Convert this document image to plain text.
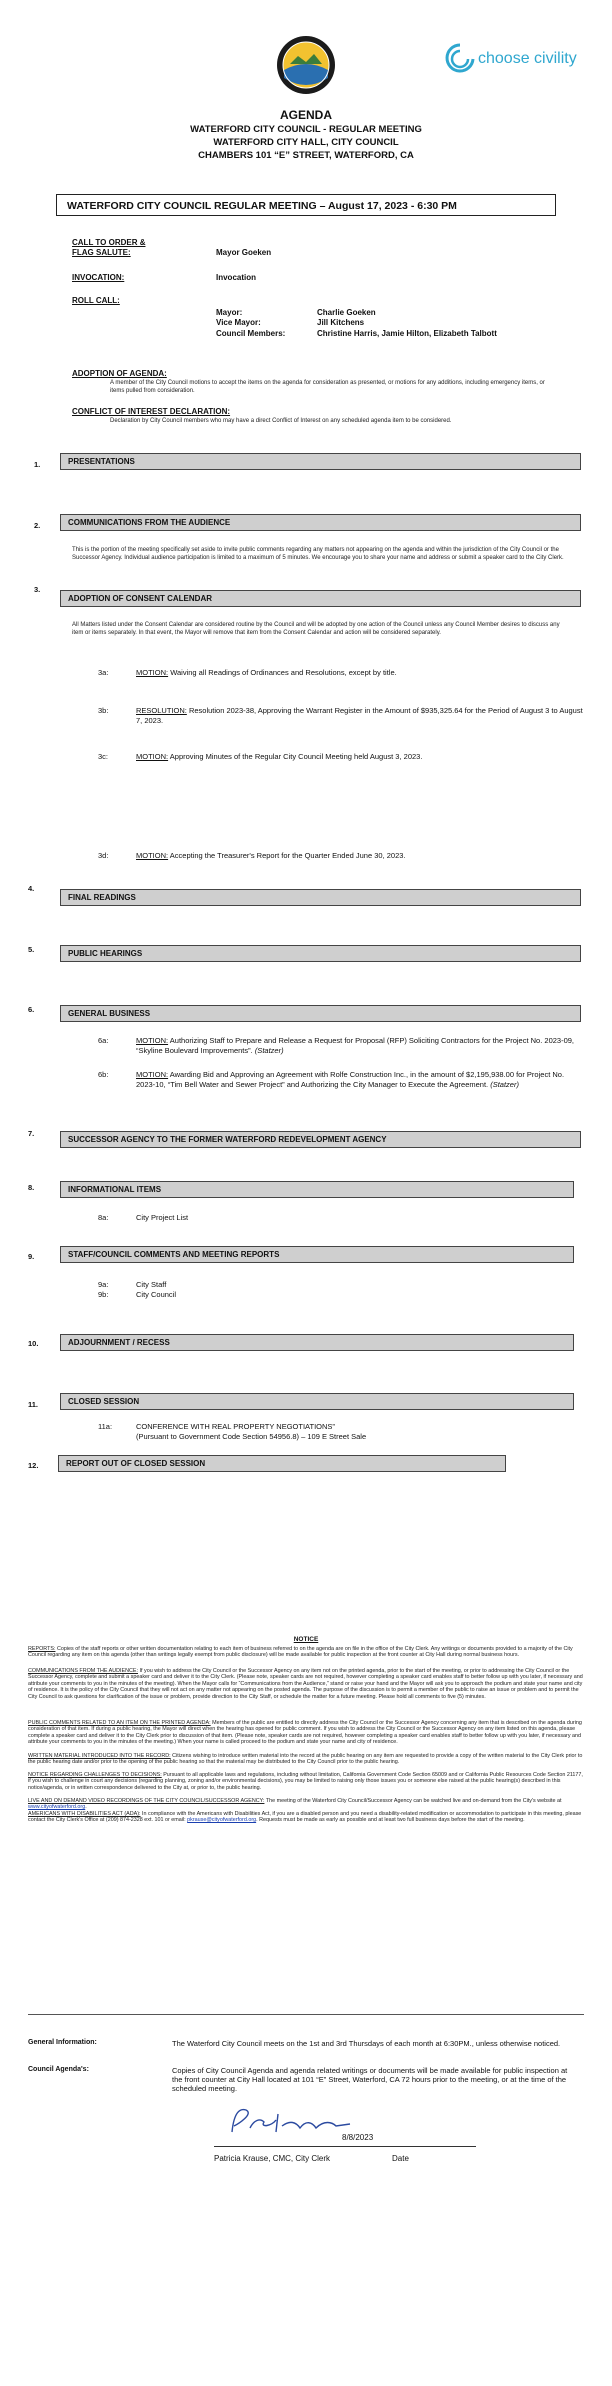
choose civility
AGENDA
WATERFORD CITY COUNCIL - REGULAR MEETING
WATERFORD CITY HALL, CITY COUNCIL
CHAMBERS 101 “E” STREET, WATERFORD, CA
WATERFORD CITY COUNCIL REGULAR MEETING – August 17, 2023 - 6:30 PM
CALL TO ORDER &
FLAG SALUTE:	Mayor Goeken
INVOCATION:	Invocation
ROLL CALL:
Mayor:	Charlie Goeken
Vice Mayor:	Jill Kitchens
Council Members:	Christine Harris, Jamie Hilton, Elizabeth Talbott
ADOPTION OF AGENDA:
A member of the City Council motions to accept the items on the agenda for consideration as presented, or motions for any additions, including emergency items, or items pulled from consideration.
CONFLICT OF INTEREST DECLARATION:
Declaration by City Council members who may have a direct Conflict of Interest on any scheduled agenda item to be considered.
1.	PRESENTATIONS
2.	COMMUNICATIONS FROM THE AUDIENCE
This is the portion of the meeting specifically set aside to invite public comments regarding any matters not appearing on the agenda and within the jurisdiction of the City Council or the Successor Agency. Individual audience participation is limited to a maximum of 5 minutes. We encourage you to share your name and address or submit a speaker card to the City Clerk.
3.
ADOPTION OF CONSENT CALENDAR
All Matters listed under the Consent Calendar are considered routine by the Council and will be adopted by one action of the Council unless any Council Member desires to discuss any item or items separately. In that event, the Mayor will remove that item from the Consent Calendar and action will be considered separately.
3a:	MOTION: Waiving all Readings of Ordinances and Resolutions, except by title.
3b:	RESOLUTION: Resolution 2023-38, Approving the Warrant Register in the Amount of $935,325.64 for the Period of August 3 to August 7, 2023.
3c:	MOTION: Approving Minutes of the Regular City Council Meeting held August 3, 2023.
3d:	MOTION: Accepting the Treasurer's Report for the Quarter Ended June 30, 2023.
4.
FINAL READINGS
5.	PUBLIC HEARINGS
6.	GENERAL BUSINESS
6a:	MOTION: Authorizing Staff to Prepare and Release a Request for Proposal (RFP) Soliciting Contractors for the Project No. 2023-09, “Skyline Boulevard Improvements”. (Statzer)
6b:	MOTION: Awarding Bid and Approving an Agreement with Rolfe Construction Inc., in the amount of $2,195,938.00 for Project No. 2023-10, “Tim Bell Water and Sewer Project” and Authorizing the City Manager to Execute the Agreement. (Statzer)
7.
SUCCESSOR AGENCY TO THE FORMER WATERFORD REDEVELOPMENT AGENCY
8.	INFORMATIONAL ITEMS
8a:	City Project List
9.	STAFF/COUNCIL COMMENTS AND MEETING REPORTS
9a:	City Staff
9b:	City Council
10.	ADJOURNMENT / RECESS
11.	CLOSED SESSION
11a:	CONFERENCE WITH REAL PROPERTY NEGOTIATIONS”
(Pursuant to Government Code Section 54956.8) – 109 E Street Sale
12.	REPORT OUT OF CLOSED SESSION
NOTICE
REPORTS: Copies of the staff reports or other written documentation relating to each item of business referred to on the agenda are on file in the office of the City Clerk. Any writings or documents provided to a majority of the City Council regarding any item on this agenda (other than writings legally exempt from public disclosure) will be made available for public inspection at the front counter at City Hall during normal business hours.
COMMUNICATIONS FROM THE AUDIENCE: If you wish to address the City Council or the Successor Agency on any item not on the printed agenda, prior to the start of the meeting, or prior to addressing the City Council or the Successor Agency, complete and submit a speaker card and deliver it to the City Clerk. (Please note, speaker cards are not required, however completing a speaker card enables staff to better follow up with you later, if necessary and attribute your comments to you in the minutes of the meeting). When the Mayor calls for “Communications from the Audience,” stand or raise your hand and the Mayor will ask you to approach the podium and state your name and city of residence. It is the policy of the City Council that they will not act on any matter not appearing on the posted agenda. The purpose of the discussion is to permit a member of the public to raise an issue or problem and to permit the City Council to ask questions for clarification of the issue or problem, provide direction to the City Staff, or schedule the matter for a future meeting. Please hold all comments to five (5) minutes.
PUBLIC COMMENTS RELATED TO AN ITEM ON THE PRINTED AGENDA: Members of the public are entitled to directly address the City Council or the Successor Agency concerning any item that is described on the agenda during consideration of that item. If during a public hearing, the Mayor will direct when the hearing has opened for public comment. If you wish to address the City Council or the Successor Agency on any item listed on this agenda, please complete a speaker card and deliver it to the City Clerk prior to discussion of that item. (Please note, speaker cards are not required, however completing a speaker card enables staff to better follow up with you later, if necessary and attribute your comments to you in the minutes of the meeting.) When your name is called proceed to the podium and state your name and city of residence.
WRITTEN MATERIAL INTRODUCED INTO THE RECORD: Citizens wishing to introduce written material into the record at the public hearing on any item are requested to provide a copy of the written material to the City Clerk prior to the public hearing date and/or prior to the opening of the public hearing so that the material may be distributed to the City Council prior to the public hearing.
NOTICE REGARDING CHALLENGES TO DECISIONS: Pursuant to all applicable laws and regulations, including without limitation, California Government Code Section 65009 and or California Public Resources Code Section 21177, if you wish to challenge in court any decisions (regarding planning, zoning and/or environmental decisions), you may be limited to raising only those issues you or someone else raised at the public hearing(s) described in this notice/agenda, or in written correspondence delivered to the City at, or prior to, the public hearing.
LIVE AND ON DEMAND VIDEO RECORDINGS OF THE CITY COUNCIL/SUCCESSOR AGENCY: The meeting of the Waterford City Council/Successor Agency can be watched live and on-demand from the City's website at www.cityofwaterford.org.
AMERICANS WITH DISABILITIES ACT (ADA): In compliance with the Americans with Disabilities Act, if you are a disabled person and you need a disability-related modification or accommodation to participate in this meeting, please contact the City Clerk's Office at (209) 874-2328 ext. 101 or email: pkrause@cityofwaterford.org. Requests must be made as early as possible and at least two full business days before the start of the meeting.
General Information:	The Waterford City Council meets on the 1st and 3rd Thursdays of each month at 6:30PM., unless otherwise noticed.
Council Agenda's:	Copies of City Council Agenda and agenda related writings or documents will be made available for public inspection at the front counter at City Hall located at 101 “E” Street, Waterford, CA 72 hours prior to the meeting, or at the time of the scheduled meeting.
8/8/2023
Patricia Krause, CMC, City Clerk	Date
